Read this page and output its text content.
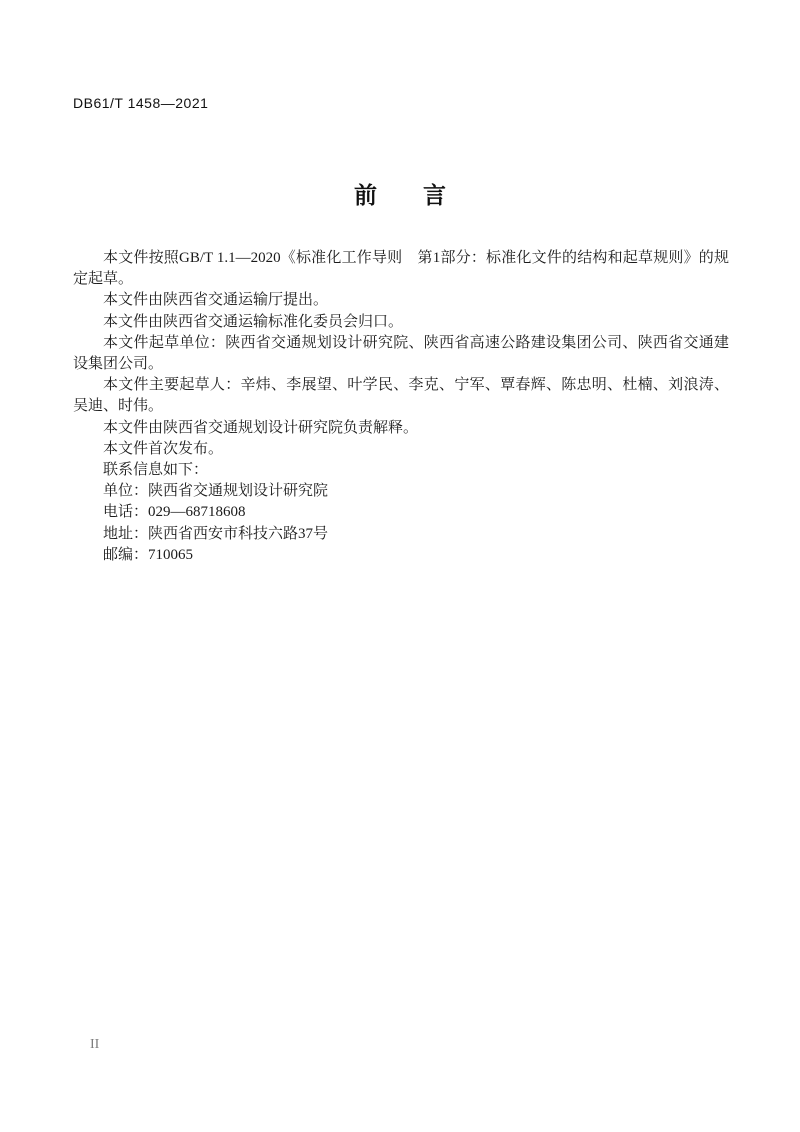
DB61/T 1458—2021
前　　言

本文件按照GB/T 1.1—2020《标准化工作导则　第1部分：标准化文件的结构和起草规则》的规定起草。

本文件由陕西省交通运输厅提出。

本文件由陕西省交通运输标准化委员会归口。

本文件起草单位：陕西省交通规划设计研究院、陕西省高速公路建设集团公司、陕西省交通建设集团公司。

本文件主要起草人：辛炜、李展望、叶学民、李克、宁军、覃春辉、陈忠明、杜楠、刘浪涛、吴迪、时伟。

本文件由陕西省交通规划设计研究院负责解释。

本文件首次发布。

联系信息如下：

单位：陕西省交通规划设计研究院

电话：029—68718608

地址：陕西省西安市科技六路37号

邮编：710065

II
